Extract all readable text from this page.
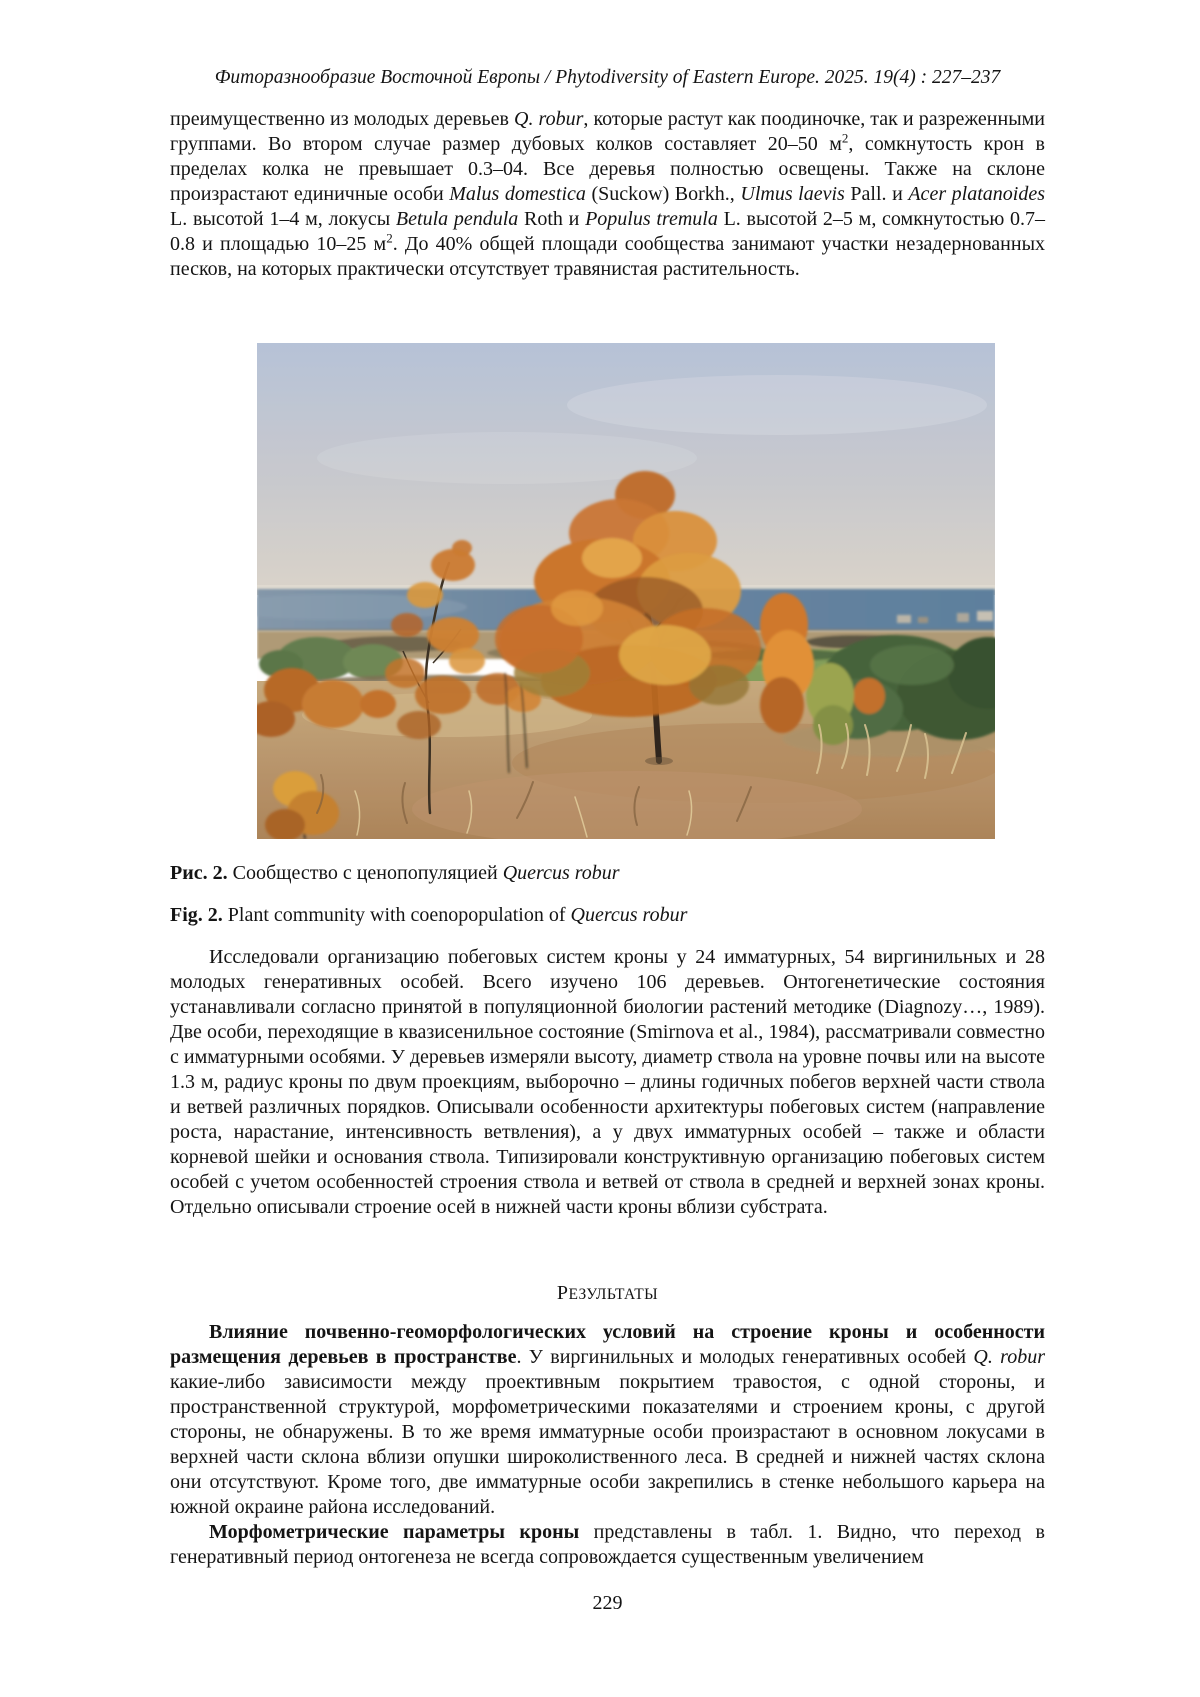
Фиторазнообразие Восточной Европы / Phytodiversity of Eastern Europe. 2025. 19(4) : 227–237

преимущественно из молодых деревьев Q. robur, которые растут как поодиночке, так и разреженными группами. Во втором случае размер дубовых колков составляет 20–50 $м^2$, сомкнутость крон в пределах колка не превышает 0.3–04. Все деревья полностью освещены. Также на склоне произрастают единичные особи Malus domestica (Suckow) Borkh., Ulmus laevis Pall. и Acer platanoides L. высотой 1–4 м, локусы Betula pendula Roth и Populus tremula L. высотой 2–5 м, сомкнутостью 0.7–0.8 и площадью 10–25 $м^2$. До 40% общей площади сообщества занимают участки незадернованных песков, на которых практически отсутствует травянистая растительность.

Рис. 2. Сообщество с ценопопуляцией Quercus robur
Fig. 2. Plant community with coenopopulation of Quercus robur

Исследовали организацию побеговых систем кроны у 24 имматурных, 54 виргинильных и 28 молодых генеративных особей. Всего изучено 106 деревьев. Онтогенетические состояния устанавливали согласно принятой в популяционной биологии растений методике (Diagnozy…, 1989). Две особи, переходящие в квазисенильное состояние (Smirnova et al., 1984), рассматривали совместно с имматурными особями. У деревьев измеряли высоту, диаметр ствола на уровне почвы или на высоте 1.3 м, радиус кроны по двум проекциям, выборочно – длины годичных побегов верхней части ствола и ветвей различных порядков. Описывали особенности архитектуры побеговых систем (направление роста, нарастание, интенсивность ветвления), а у двух имматурных особей – также и области корневой шейки и основания ствола. Типизировали конструктивную организацию побеговых систем особей с учетом особенностей строения ствола и ветвей от ствола в средней и верхней зонах кроны. Отдельно описывали строение осей в нижней части кроны вблизи субстрата.

РЕЗУЛЬТАТЫ

Влияние почвенно-геоморфологических условий на строение кроны и особенности размещения деревьев в пространстве. У виргинильных и молодых генеративных особей Q. robur какие-либо зависимости между проективным покрытием травостоя, с одной стороны, и пространственной структурой, морфометрическими показателями и строением кроны, с другой стороны, не обнаружены. В то же время имматурные особи произрастают в основном локусами в верхней части склона вблизи опушки широколиственного леса. В средней и нижней частях склона они отсутствуют. Кроме того, две имматурные особи закрепились в стенке небольшого карьера на южной окраине района исследований.

Морфометрические параметры кроны представлены в табл. 1. Видно, что переход в генеративный период онтогенеза не всегда сопровождается существенным увеличением

229
